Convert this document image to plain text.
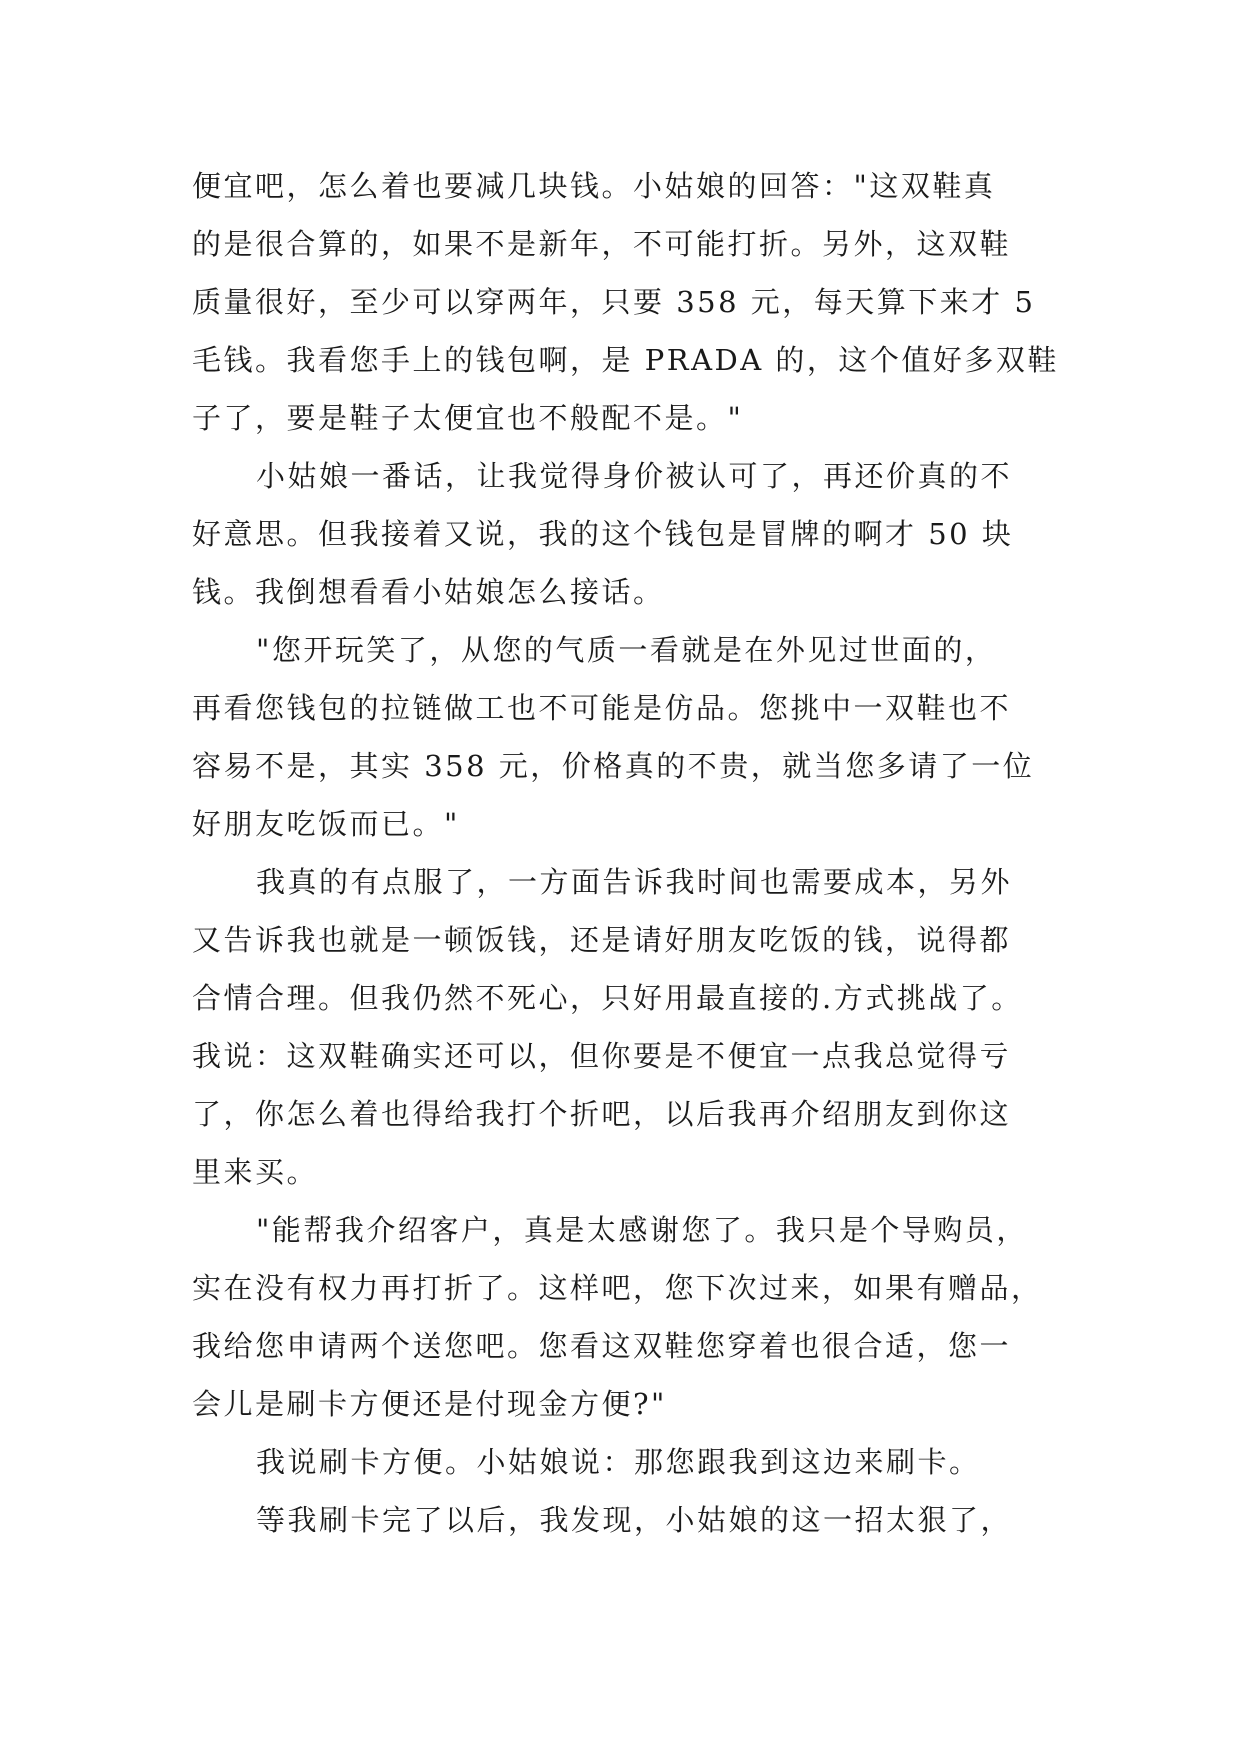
便宜吧，怎么着也要减几块钱。小姑娘的回答："这双鞋真
的是很合算的，如果不是新年，不可能打折。另外，这双鞋
质量很好，至少可以穿两年，只要 358 元，每天算下来才 5
毛钱。我看您手上的钱包啊，是 PRADA 的，这个值好多双鞋
子了，要是鞋子太便宜也不般配不是。"
小姑娘一番话，让我觉得身价被认可了，再还价真的不
好意思。但我接着又说，我的这个钱包是冒牌的啊才 50 块
钱。我倒想看看小姑娘怎么接话。
"您开玩笑了，从您的气质一看就是在外见过世面的，
再看您钱包的拉链做工也不可能是仿品。您挑中一双鞋也不
容易不是，其实 358 元，价格真的不贵，就当您多请了一位
好朋友吃饭而已。"
我真的有点服了，一方面告诉我时间也需要成本，另外
又告诉我也就是一顿饭钱，还是请好朋友吃饭的钱，说得都
合情合理。但我仍然不死心，只好用最直接的.方式挑战了。
我说：这双鞋确实还可以，但你要是不便宜一点我总觉得亏
了，你怎么着也得给我打个折吧，以后我再介绍朋友到你这
里来买。
"能帮我介绍客户，真是太感谢您了。我只是个导购员，
实在没有权力再打折了。这样吧，您下次过来，如果有赠品，
我给您申请两个送您吧。您看这双鞋您穿着也很合适，您一
会儿是刷卡方便还是付现金方便?"
我说刷卡方便。小姑娘说：那您跟我到这边来刷卡。
等我刷卡完了以后，我发现，小姑娘的这一招太狠了，
